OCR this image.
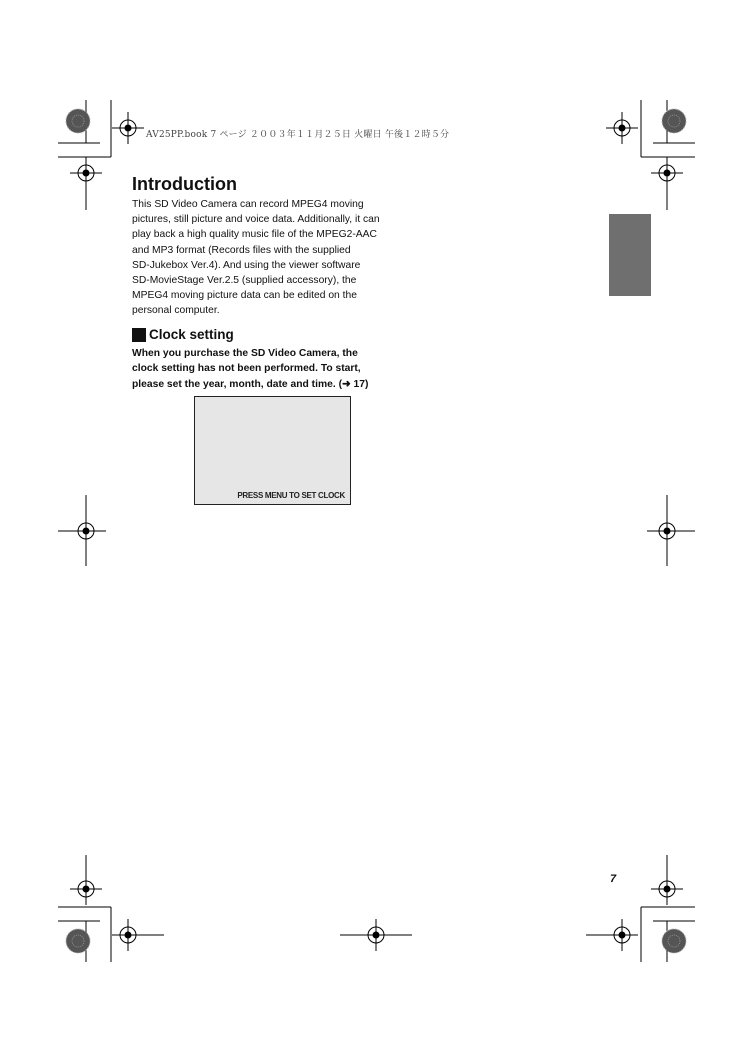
AV25PP.book 7 ページ ２００３年１１月２５日 火曜日 午後１２時５分
Introduction
This SD Video Camera can record MPEG4 moving
pictures, still picture and voice data. Additionally, it can
play back a high quality music file of the MPEG2-AAC
and MP3 format (Records files with the supplied
SD-Jukebox Ver.4). And using the viewer software
SD-MovieStage Ver.2.5 (supplied accessory), the
MPEG4 moving picture data can be edited on the
personal computer.
Clock setting
When you purchase the SD Video Camera, the
clock setting has not been performed. To start,
please set the year, month, date and time. (➜ 17)
PRESS MENU TO SET CLOCK
7
